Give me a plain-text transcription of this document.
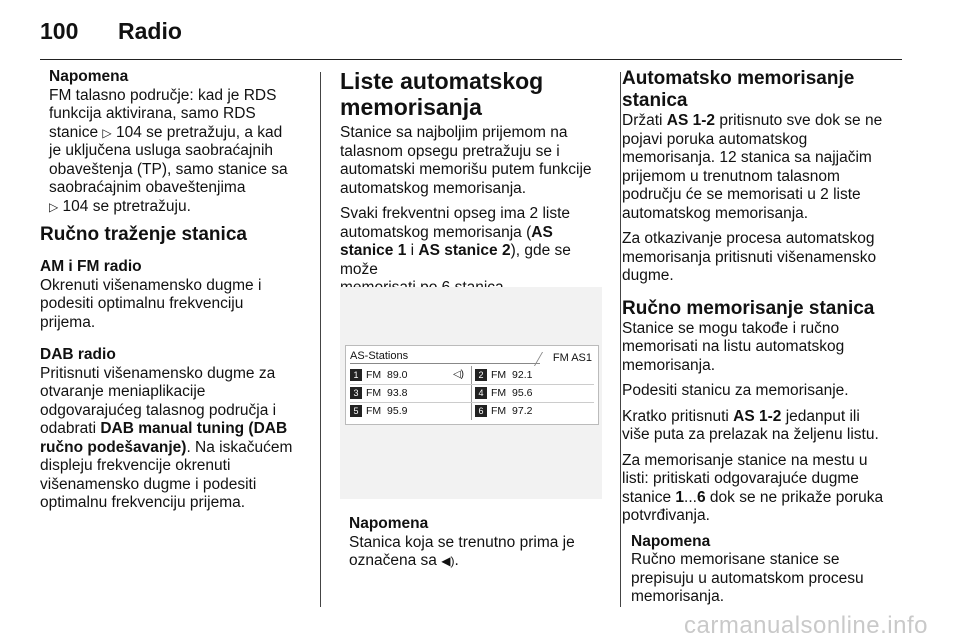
100 Radio

Napomena

FM talasno područje: kad je RDS

funkcija aktivirana, samo RDS

stanice ▷ 104 se pretražuju, a kad

je uključena usluga saobraćajnih

obaveštenja (TP), samo stanice sa

saobraćajnim obaveštenjima

▷ 104 se ptretražuju.

Ručno traženje stanica

AM i FM radio

Okrenuti višenamensko dugme i

podesiti optimalnu frekvenciju

prijema.

DAB radio

Pritisnuti višenamensko dugme za

otvaranje meniaplikacije

odgovarajućeg talasnog područja i

odabrati DAB manual tuning (DAB

ručno podešavanje). Na iskačućem

displeju frekvencije okrenuti

višenamensko dugme i podesiti

optimalnu frekvenciju prijema.

Liste automatskog
memorisanja

Stanice sa najboljim prijemom na

talasnom opsegu pretražuju se i

automatski memorišu putem funkcije

automatskog memorisanja.

Svaki frekventni opseg ima 2 liste

automatskog memorisanja (AS

stanice 1 i AS stanice 2), gde se može

AS-Stations	FM AS1
1 FM 89.0	◁)	2 FM 92.1
3 FM 93.8	4 FM 95.6
5 FM 95.9	6 FM 97.2

Napomena

Stanica koja se trenutno prima je

označena sa ◀).

Automatsko memorisanje
stanica

Držati AS 1-2 pritisnuto sve dok se ne

pojavi poruka automatskog

memorisanja. 12 stanica sa najjačim

prijemom u trenutnom talasnom

području će se memorisati u 2 liste

automatskog memorisanja.

Za otkazivanje procesa automatskog

memorisanja pritisnuti višenamensko

dugme.

Ručno memorisanje stanica

Stanice se mogu takođe i ručno

memorisati na listu automatskog

memorisanja.

Podesiti stanicu za memorisanje.

Kratko pritisnuti AS 1-2 jedanput ili

više puta za prelazak na željenu listu.

Za memorisanje stanice na mestu u

listi: pritiskati odgovarajuće dugme

stanice 1...6 dok se ne prikaže poruka

potvrđivanja.

Napomena

Ručno memorisane stanice se

prepisuju u automatskom procesu

memorisanja.

carmanualsonline.info
